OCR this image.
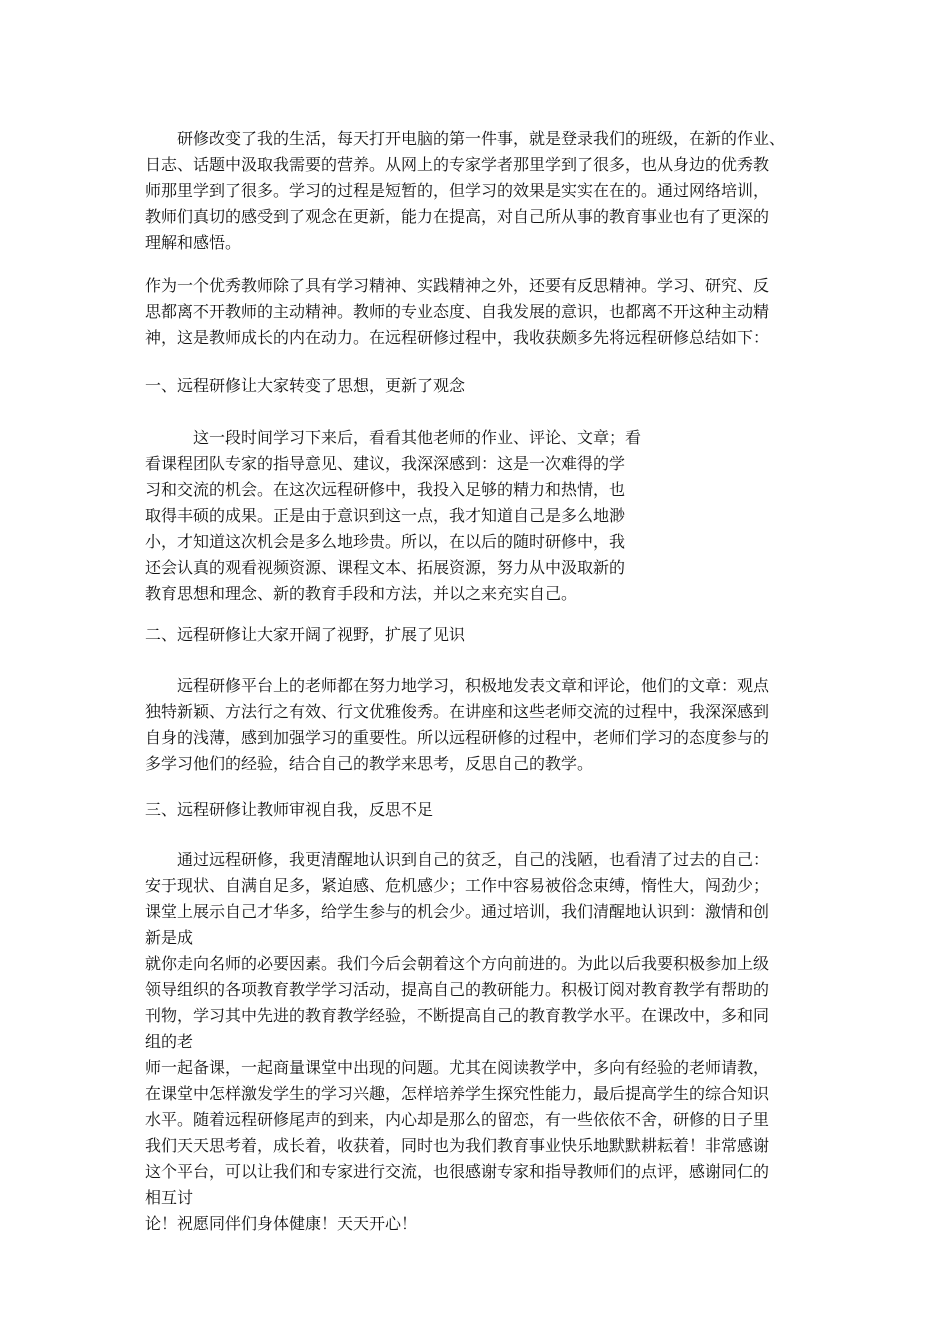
　　研修改变了我的生活，每天打开电脑的第一件事，就是登录我们的班级，在新的作业、
日志、话题中汲取我需要的营养。从网上的专家学者那里学到了很多，也从身边的优秀教
师那里学到了很多。学习的过程是短暂的，但学习的效果是实实在在的。通过网络培训，
教师们真切的感受到了观念在更新，能力在提高，对自己所从事的教育事业也有了更深的
理解和感悟。
作为一个优秀教师除了具有学习精神、实践精神之外，还要有反思精神。学习、研究、反
思都离不开教师的主动精神。教师的专业态度、自我发展的意识，也都离不开这种主动精
神，这是教师成长的内在动力。在远程研修过程中，我收获颇多先将远程研修总结如下：
一、远程研修让大家转变了思想，更新了观念
　　　这一段时间学习下来后，看看其他老师的作业、评论、文章；看
看课程团队专家的指导意见、建议，我深深感到：这是一次难得的学
习和交流的机会。在这次远程研修中，我投入足够的精力和热情，也
取得丰硕的成果。正是由于意识到这一点，我才知道自己是多么地渺
小，才知道这次机会是多么地珍贵。所以，在以后的随时研修中，我
还会认真的观看视频资源、课程文本、拓展资源，努力从中汲取新的
教育思想和理念、新的教育手段和方法，并以之来充实自己。
二、远程研修让大家开阔了视野，扩展了见识
　　远程研修平台上的老师都在努力地学习，积极地发表文章和评论，他们的文章：观点
独特新颖、方法行之有效、行文优雅俊秀。在讲座和这些老师交流的过程中，我深深感到
自身的浅薄，感到加强学习的重要性。所以远程研修的过程中，老师们学习的态度参与的
多学习他们的经验，结合自己的教学来思考，反思自己的教学。
三、远程研修让教师审视自我，反思不足
　　通过远程研修，我更清醒地认识到自己的贫乏，自己的浅陋，也看清了过去的自己：
安于现状、自满自足多，紧迫感、危机感少；工作中容易被俗念束缚，惰性大，闯劲少；
课堂上展示自己才华多，给学生参与的机会少。通过培训，我们清醒地认识到：激情和创
新是成
就你走向名师的必要因素。我们今后会朝着这个方向前进的。为此以后我要积极参加上级
领导组织的各项教育教学学习活动，提高自己的教研能力。积极订阅对教育教学有帮助的
刊物，学习其中先进的教育教学经验，不断提高自己的教育教学水平。在课改中，多和同
组的老
师一起备课，一起商量课堂中出现的问题。尤其在阅读教学中，多向有经验的老师请教，
在课堂中怎样激发学生的学习兴趣，怎样培养学生探究性能力，最后提高学生的综合知识
水平。随着远程研修尾声的到来，内心却是那么的留恋，有一些依依不舍，研修的日子里
我们天天思考着，成长着，收获着，同时也为我们教育事业快乐地默默耕耘着！非常感谢
这个平台，可以让我们和专家进行交流，也很感谢专家和指导教师们的点评，感谢同仁的
相互讨
论！祝愿同伴们身体健康！天天开心！
